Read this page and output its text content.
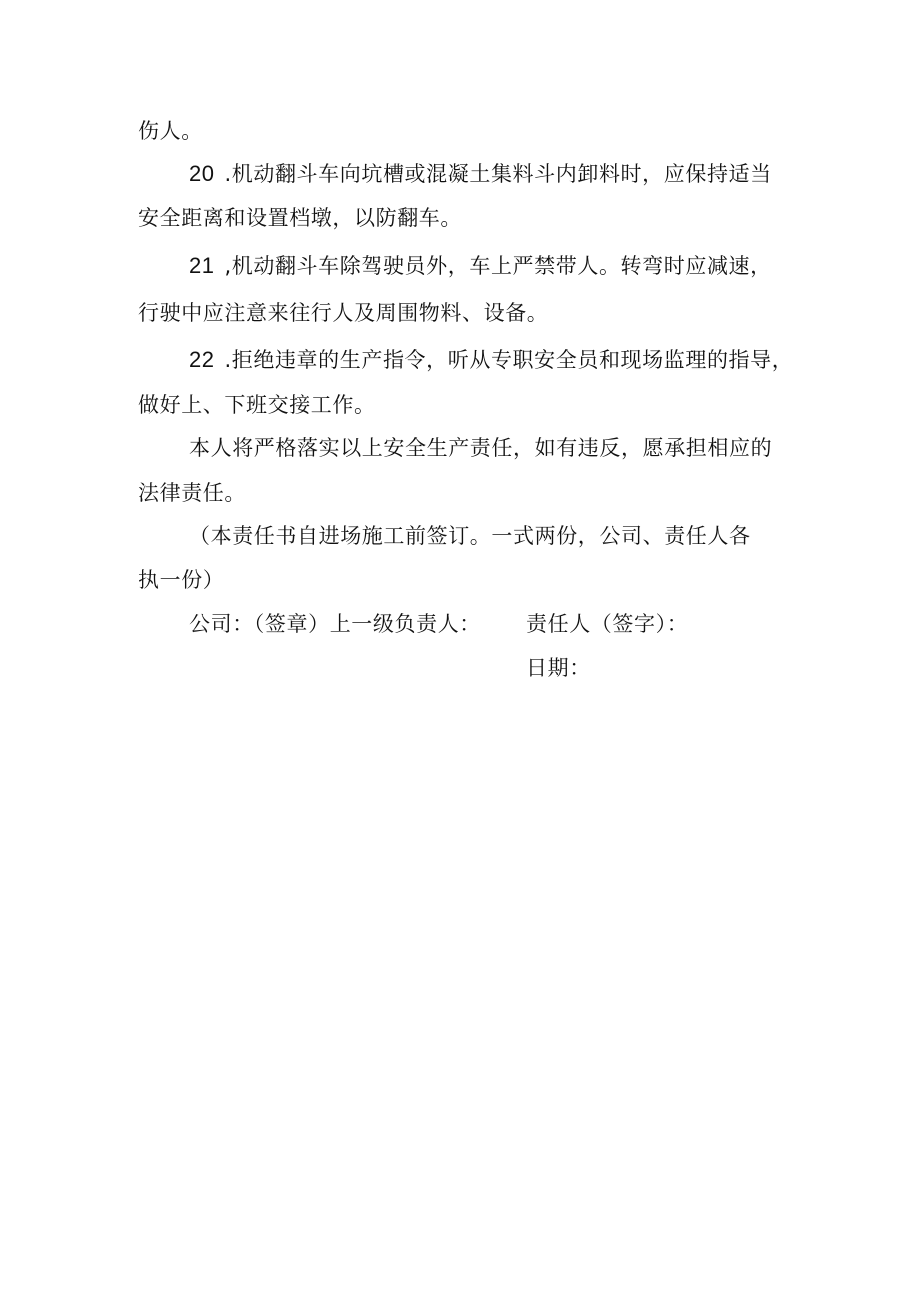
伤人。
20 .机动翻斗车向坑槽或混凝土集料斗内卸料时，应保持适当
安全距离和设置档墩，以防翻车。
21 ,机动翻斗车除驾驶员外，车上严禁带人。转弯时应减速，
行驶中应注意来往行人及周围物料、设备。
22 .拒绝违章的生产指令，听从专职安全员和现场监理的指导，
做好上、下班交接工作。
本人将严格落实以上安全生产责任，如有违反，愿承担相应的
法律责任。
（本责任书自进场施工前签订。一式两份，公司、责任人各
执一份）
公司：（签章）上一级负责人： 责任人（签字）：
日期：
